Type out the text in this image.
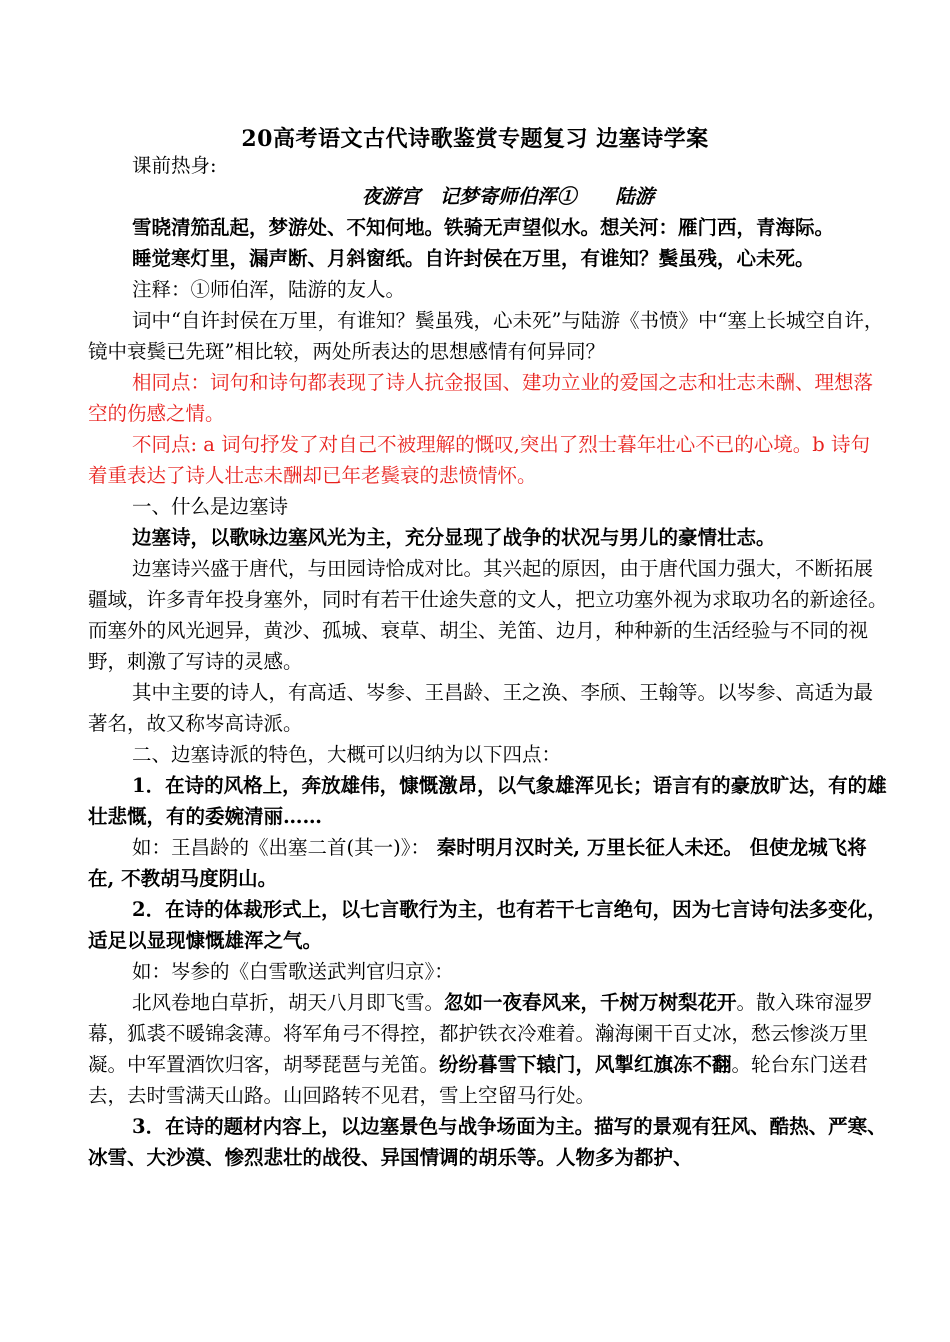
20高考语文古代诗歌鉴赏专题复习 边塞诗学案

课前热身:

夜游宫　记梦寄师伯浑①　　陆游

雪晓清笳乱起，梦游处、不知何地。铁骑无声望似水。想关河：雁门西，青海际。

睡觉寒灯里，漏声断、月斜窗纸。自许封侯在万里，有谁知？鬓虽残，心未死。

注释：①师伯浑，陆游的友人。

词中“自许封侯在万里，有谁知？鬓虽残，心未死”与陆游《书愤》中“塞上长城空自许，镜中衰鬓已先斑”相比较，两处所表达的思想感情有何异同？

相同点：词句和诗句都表现了诗人抗金报国、建功立业的爱国之志和壮志未酬、理想落空的伤感之情。

不同点: a 词句抒发了对自己不被理解的慨叹,突出了烈士暮年壮心不已的心境。b 诗句着重表达了诗人壮志未酬却已年老鬓衰的悲愤情怀。

一、什么是边塞诗

边塞诗，以歌咏边塞风光为主，充分显现了战争的状况与男儿的豪情壮志。

边塞诗兴盛于唐代，与田园诗恰成对比。其兴起的原因，由于唐代国力强大，不断拓展疆域，许多青年投身塞外，同时有若干仕途失意的文人，把立功塞外视为求取功名的新途径。而塞外的风光迥异，黄沙、孤城、衰草、胡尘、羌笛、边月，种种新的生活经验与不同的视野，刺激了写诗的灵感。

其中主要的诗人，有高适、岑参、王昌龄、王之涣、李颀、王翰等。以岑参、高适为最著名，故又称岑高诗派。

二、边塞诗派的特色，大概可以归纳为以下四点：

1．在诗的风格上，奔放雄伟，慷慨激昂，以气象雄浑见长；语言有的豪放旷达，有的雄壮悲慨，有的委婉清丽……

如：王昌龄的《出塞二首(其一)》： 秦时明月汉时关, 万里长征人未还。 但使龙城飞将在, 不教胡马度阴山。

2．在诗的体裁形式上，以七言歌行为主，也有若干七言绝句，因为七言诗句法多变化，适足以显现慷慨雄浑之气。

如：岑参的《白雪歌送武判官归京》：

北风卷地白草折，胡天八月即飞雪。忽如一夜春风来，千树万树梨花开。散入珠帘湿罗幕，狐裘不暖锦衾薄。将军角弓不得控，都护铁衣冷难着。瀚海阑干百丈冰，愁云惨淡万里凝。中军置酒饮归客，胡琴琵琶与羌笛。纷纷暮雪下辕门，风掣红旗冻不翻。轮台东门送君去，去时雪满天山路。山回路转不见君，雪上空留马行处。

3．在诗的题材内容上，以边塞景色与战争场面为主。描写的景观有狂风、酷热、严寒、冰雪、大沙漠、惨烈悲壮的战役、异国情调的胡乐等。人物多为都护、
